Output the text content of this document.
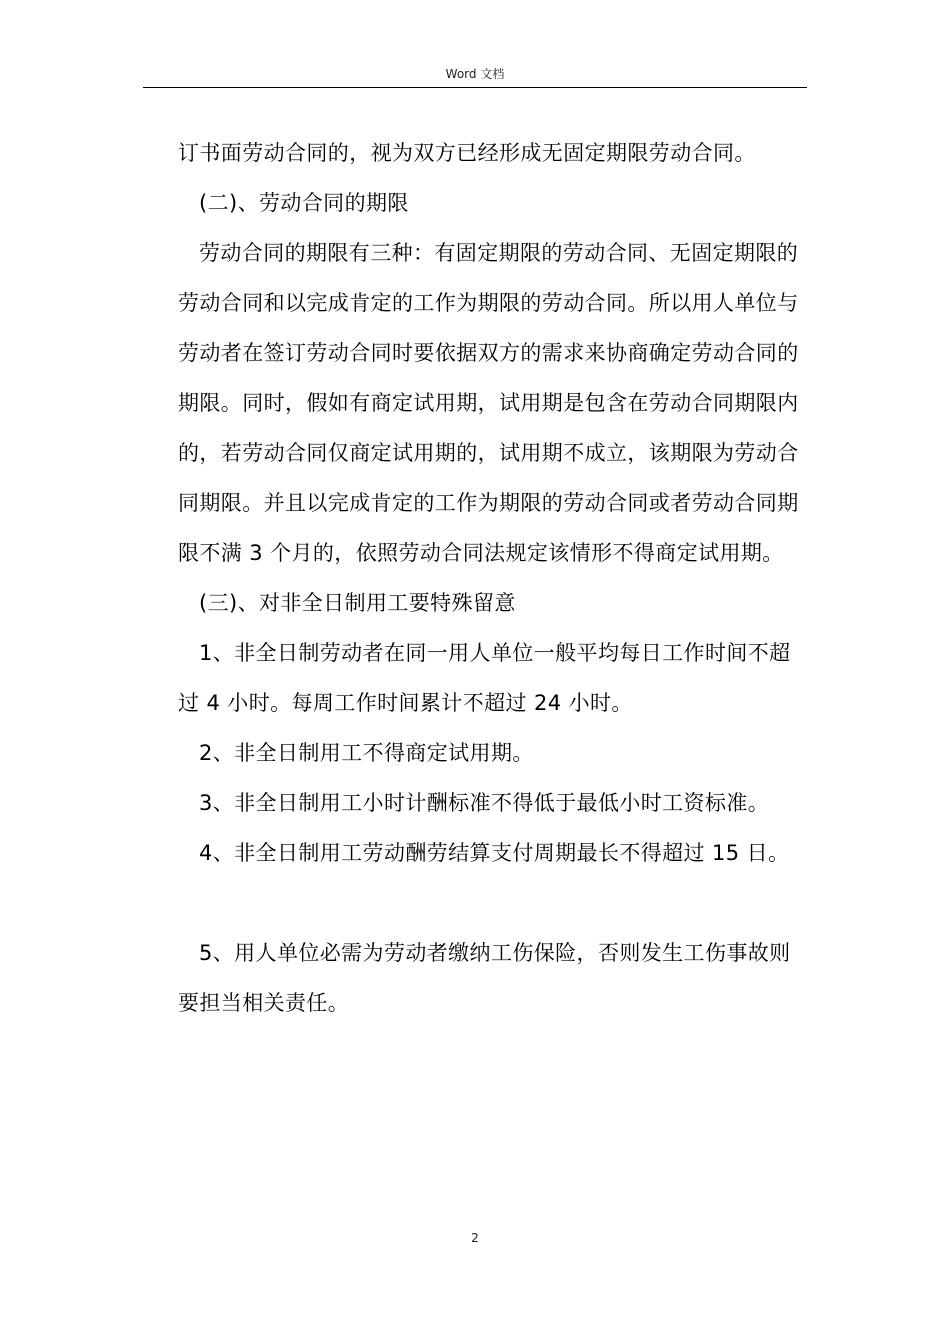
Word 文档

订书面劳动合同的，视为双方已经形成无固定期限劳动合同。

(二)、劳动合同的期限

劳动合同的期限有三种：有固定期限的劳动合同、无固定期限的劳动合同和以完成肯定的工作为期限的劳动合同。所以用人单位与劳动者在签订劳动合同时要依据双方的需求来协商确定劳动合同的期限。同时，假如有商定试用期，试用期是包含在劳动合同期限内的，若劳动合同仅商定试用期的，试用期不成立，该期限为劳动合同期限。并且以完成肯定的工作为期限的劳动合同或者劳动合同期限不满 3 个月的，依照劳动合同法规定该情形不得商定试用期。

(三)、对非全日制用工要特殊留意

1、非全日制劳动者在同一用人单位一般平均每日工作时间不超过 4 小时。每周工作时间累计不超过 24 小时。

2、非全日制用工不得商定试用期。

3、非全日制用工小时计酬标准不得低于最低小时工资标准。

4、非全日制用工劳动酬劳结算支付周期最长不得超过 15 日。

5、用人单位必需为劳动者缴纳工伤保险，否则发生工伤事故则要担当相关责任。

2
